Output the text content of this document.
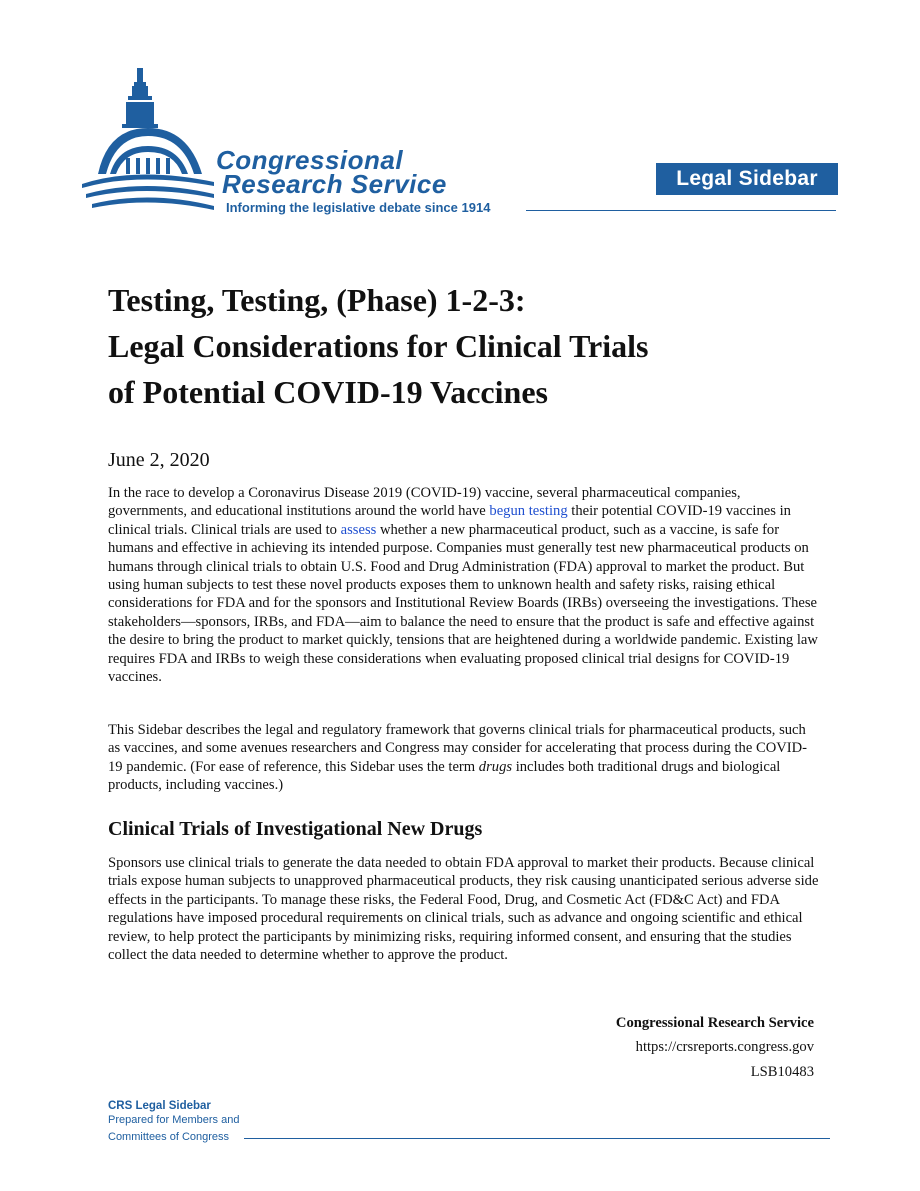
Congressional
Research Service
Informing the legislative debate since 1914
Legal Sidebar
Testing, Testing, (Phase) 1-2-3:
Legal Considerations for Clinical Trials
of Potential COVID-19 Vaccines
June 2, 2020

In the race to develop a Coronavirus Disease 2019 (COVID-19) vaccine, several pharmaceutical companies, governments, and educational institutions around the world have begun testing their potential COVID-19 vaccines in clinical trials. Clinical trials are used to assess whether a new pharmaceutical product, such as a vaccine, is safe for humans and effective in achieving its intended purpose. Companies must generally test new pharmaceutical products on humans through clinical trials to obtain U.S. Food and Drug Administration (FDA) approval to market the product. But using human subjects to test these novel products exposes them to unknown health and safety risks, raising ethical considerations for FDA and for the sponsors and Institutional Review Boards (IRBs) overseeing the investigations. These stakeholders—sponsors, IRBs, and FDA—aim to balance the need to ensure that the product is safe and effective against the desire to bring the product to market quickly, tensions that are heightened during a worldwide pandemic. Existing law requires FDA and IRBs to weigh these considerations when evaluating proposed clinical trial designs for COVID-19 vaccines.

This Sidebar describes the legal and regulatory framework that governs clinical trials for pharmaceutical products, such as vaccines, and some avenues researchers and Congress may consider for accelerating that process during the COVID-19 pandemic. (For ease of reference, this Sidebar uses the term drugs includes both traditional drugs and biological products, including vaccines.)

Clinical Trials of Investigational New Drugs

Sponsors use clinical trials to generate the data needed to obtain FDA approval to market their products. Because clinical trials expose human subjects to unapproved pharmaceutical products, they risk causing unanticipated serious adverse side effects in the participants. To manage these risks, the Federal Food, Drug, and Cosmetic Act (FD&C Act) and FDA regulations have imposed procedural requirements on clinical trials, such as advance and ongoing scientific and ethical review, to help protect the participants by minimizing risks, requiring informed consent, and ensuring that the studies collect the data needed to determine whether to approve the product.

Congressional Research Service
https://crsreports.congress.gov
LSB10483
CRS Legal Sidebar
Prepared for Members and
Committees of Congress
